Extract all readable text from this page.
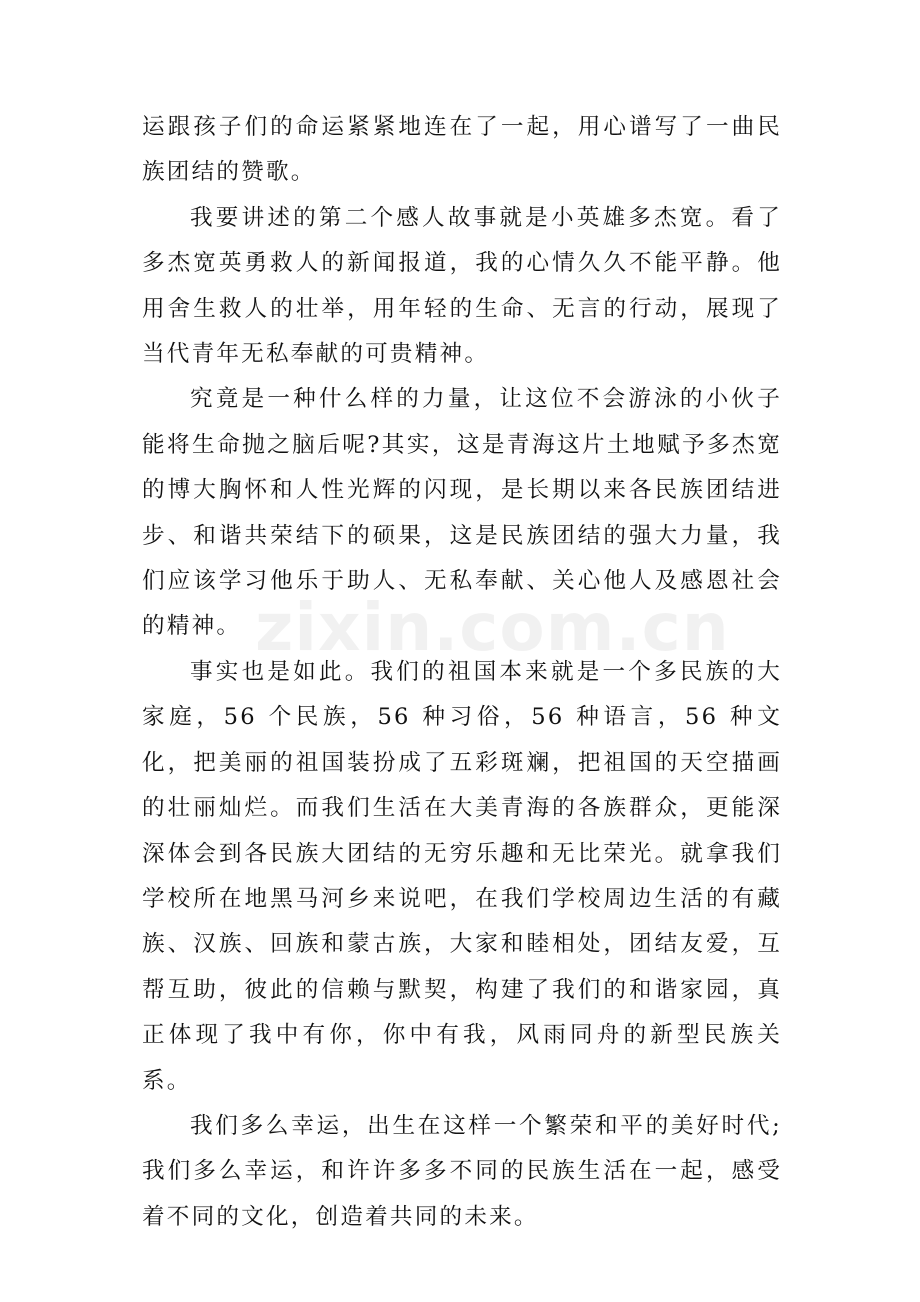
运跟孩子们的命运紧紧地连在了一起，用心谱写了一曲民族团结的赞歌。

我要讲述的第二个感人故事就是小英雄多杰宽。看了多杰宽英勇救人的新闻报道，我的心情久久不能平静。他用舍生救人的壮举，用年轻的生命、无言的行动，展现了当代青年无私奉献的可贵精神。

究竟是一种什么样的力量，让这位不会游泳的小伙子能将生命抛之脑后呢?其实，这是青海这片土地赋予多杰宽的博大胸怀和人性光辉的闪现，是长期以来各民族团结进步、和谐共荣结下的硕果，这是民族团结的强大力量，我们应该学习他乐于助人、无私奉献、关心他人及感恩社会的精神。

事实也是如此。我们的祖国本来就是一个多民族的大家庭，56 个民族，56 种习俗，56 种语言，56 种文化，把美丽的祖国装扮成了五彩斑斓，把祖国的天空描画的壮丽灿烂。而我们生活在大美青海的各族群众，更能深深体会到各民族大团结的无穷乐趣和无比荣光。就拿我们学校所在地黑马河乡来说吧，在我们学校周边生活的有藏族、汉族、回族和蒙古族，大家和睦相处，团结友爱，互帮互助，彼此的信赖与默契，构建了我们的和谐家园，真正体现了我中有你，你中有我，风雨同舟的新型民族关系。

我们多么幸运，出生在这样一个繁荣和平的美好时代;我们多么幸运，和许许多多不同的民族生活在一起，感受着不同的文化，创造着共同的未来。

zixin.com.cn
